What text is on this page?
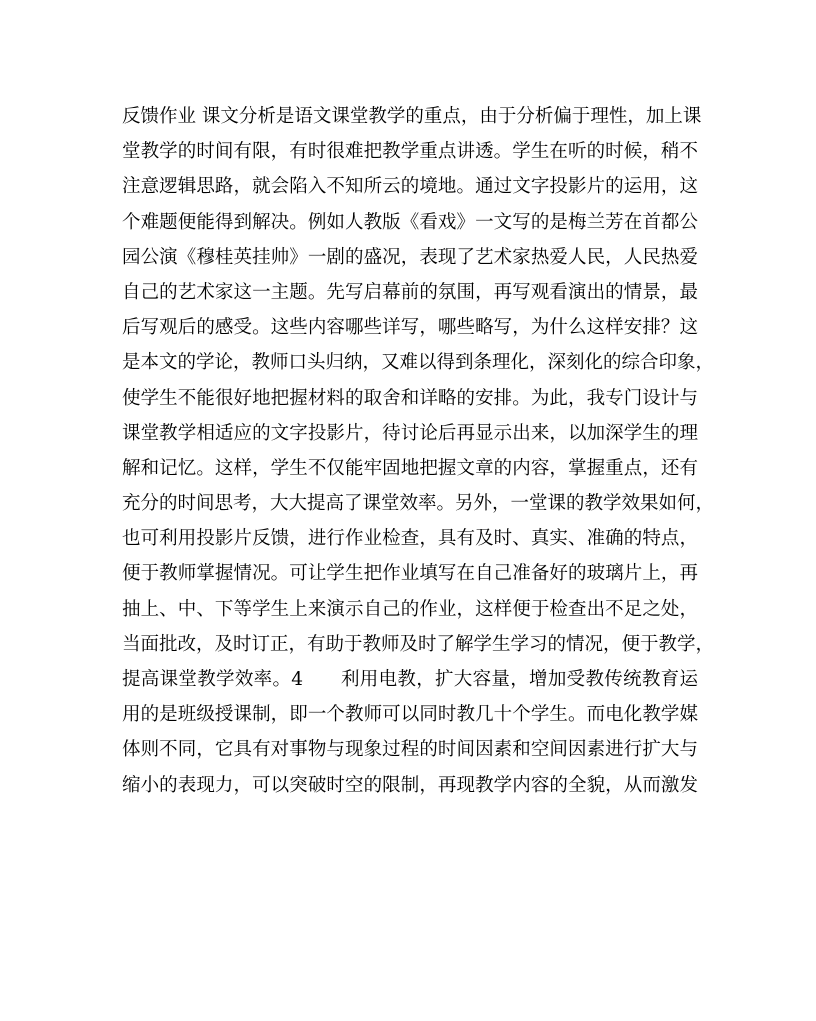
反馈作业 课文分析是语文课堂教学的重点，由于分析偏于理性，加上课
堂教学的时间有限，有时很难把教学重点讲透。学生在听的时候，稍不
注意逻辑思路，就会陷入不知所云的境地。通过文字投影片的运用，这
个难题便能得到解决。例如人教版《看戏》一文写的是梅兰芳在首都公
园公演《穆桂英挂帅》一剧的盛况，表现了艺术家热爱人民，人民热爱
自己的艺术家这一主题。先写启幕前的氛围，再写观看演出的情景，最
后写观后的感受。这些内容哪些详写，哪些略写，为什么这样安排？这
是本文的学论，教师口头归纳，又难以得到条理化，深刻化的综合印象，
使学生不能很好地把握材料的取舍和详略的安排。为此，我专门设计与
课堂教学相适应的文字投影片，待讨论后再显示出来，以加深学生的理
解和记忆。这样，学生不仅能牢固地把握文章的内容，掌握重点，还有
充分的时间思考，大大提高了课堂效率。另外，一堂课的教学效果如何，
也可利用投影片反馈，进行作业检查，具有及时、真实、准确的特点，
便于教师掌握情况。可让学生把作业填写在自己准备好的玻璃片上，再
抽上、中、下等学生上来演示自己的作业，这样便于检查出不足之处，
当面批改，及时订正，有助于教师及时了解学生学习的情况，便于教学，
提高课堂教学效率。4　　利用电教，扩大容量，增加受教传统教育运
用的是班级授课制，即一个教师可以同时教几十个学生。而电化教学媒
体则不同，它具有对事物与现象过程的时间因素和空间因素进行扩大与
缩小的表现力，可以突破时空的限制，再现教学内容的全貌，从而激发
